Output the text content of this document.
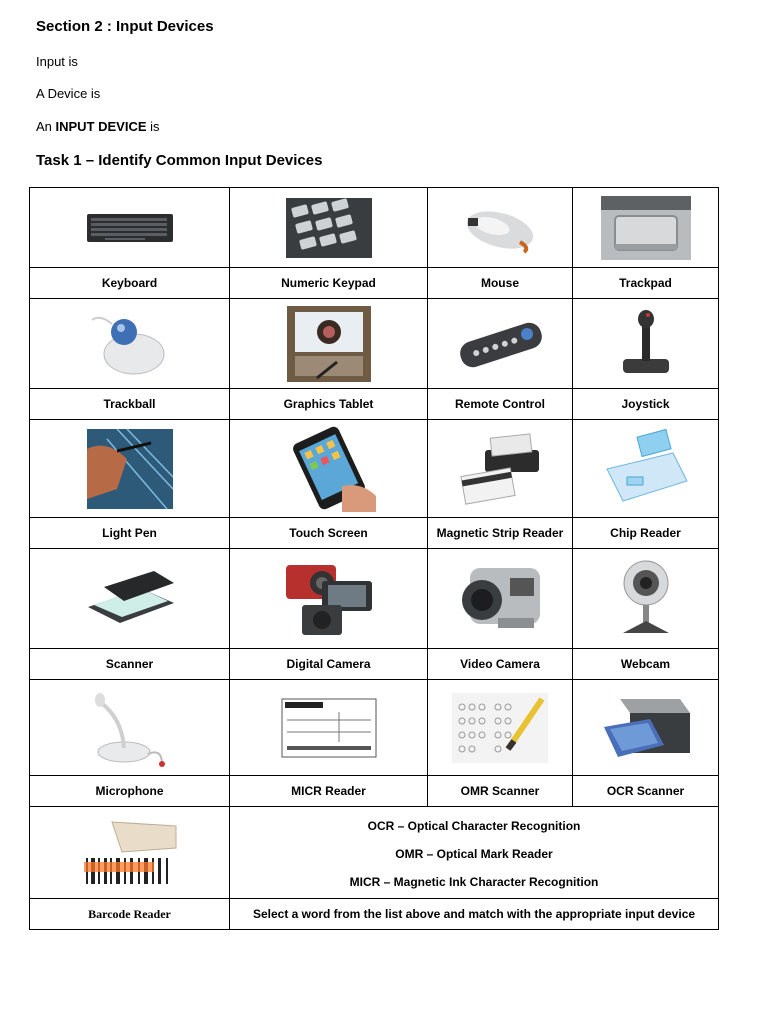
Section 2 : Input Devices
Input is
A Device is
An INPUT DEVICE is
Task 1 – Identify Common Input Devices

Keyboard	Numeric Keypad	Mouse	Trackpad

Trackball	Graphics Tablet	Remote Control	Joystick

Light Pen	Touch Screen	Magnetic Strip Reader	Chip Reader

Scanner	Digital Camera	Video Camera	Webcam

Microphone	MICR Reader	OMR Scanner	OCR Scanner

OCR – Optical Character Recognition
OMR – Optical Mark Reader
MICR – Magnetic Ink Character Recognition		

Barcode Reader	Select a word from the list above and match with the appropriate input device		
